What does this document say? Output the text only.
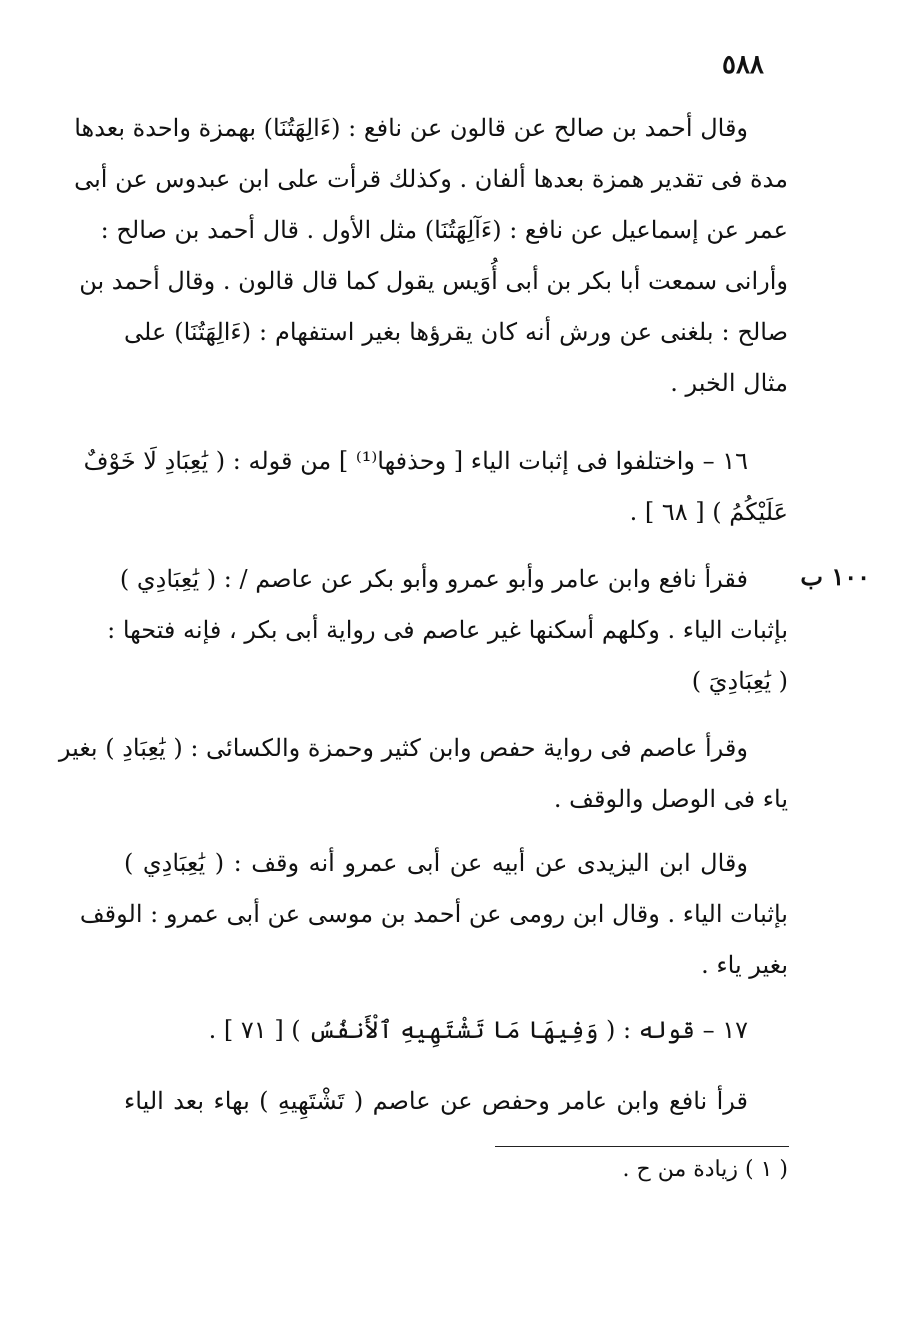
٥٨٨
١٠٠ ب
وقال أحمد بن صالح عن قالون عن نافع : (ءَالِهَتُنَا) بهمزة واحدة بعدها
مدة فى تقدير همزة بعدها ألفان . وكذلك قرأت على ابن عبدوس عن أبى
عمر عن إسماعيل عن نافع : (ءَآلِهَتُنَا) مثل الأول . قال أحمد بن صالح :
وأرانى سمعت أبا بكر بن أبى أُوَيس يقول كما قال قالون . وقال أحمد بن
صالح : بلغنى عن ورش أنه كان يقرؤها بغير استفهام : (ءَالِهَتُنَا) على
مثال الخبر .
١٦ – واختلفوا فى إثبات الياء [ وحذفها⁽¹⁾ ] من قوله : ( يَٰعِبَادِ لَا خَوْفٌ
عَلَيْكُمُ ) [ ٦٨ ] .
فقرأ نافع وابن عامر وأبو عمرو وأبو بكر عن عاصم / : ( يَٰعِبَادِي )
بإثبات الياء . وكلهم أسكنها غير عاصم فى رواية أبى بكر ، فإنه فتحها :
( يَٰعِبَادِيَ )
وقرأ عاصم فى رواية حفص وابن كثير وحمزة والكسائى : ( يَٰعِبَادِ ) بغير
ياء فى الوصل والوقف .
وقال ابن اليزيدى عن أبيه عن أبى عمرو أنه وقف : ( يَٰعِبَادِي )
بإثبات الياء . وقال ابن رومى عن أحمد بن موسى عن أبى عمرو : الوقف
بغير ياء .
١٧ – قوله : ( وَفِيهَا مَا تَشْتَهِيهِ ٱلْأَنفُسُ ) [ ٧١ ] .
قرأ نافع وابن عامر وحفص عن عاصم ( تَشْتَهِيهِ ) بهاء بعد الياء
( ١ ) زيادة من ح .
